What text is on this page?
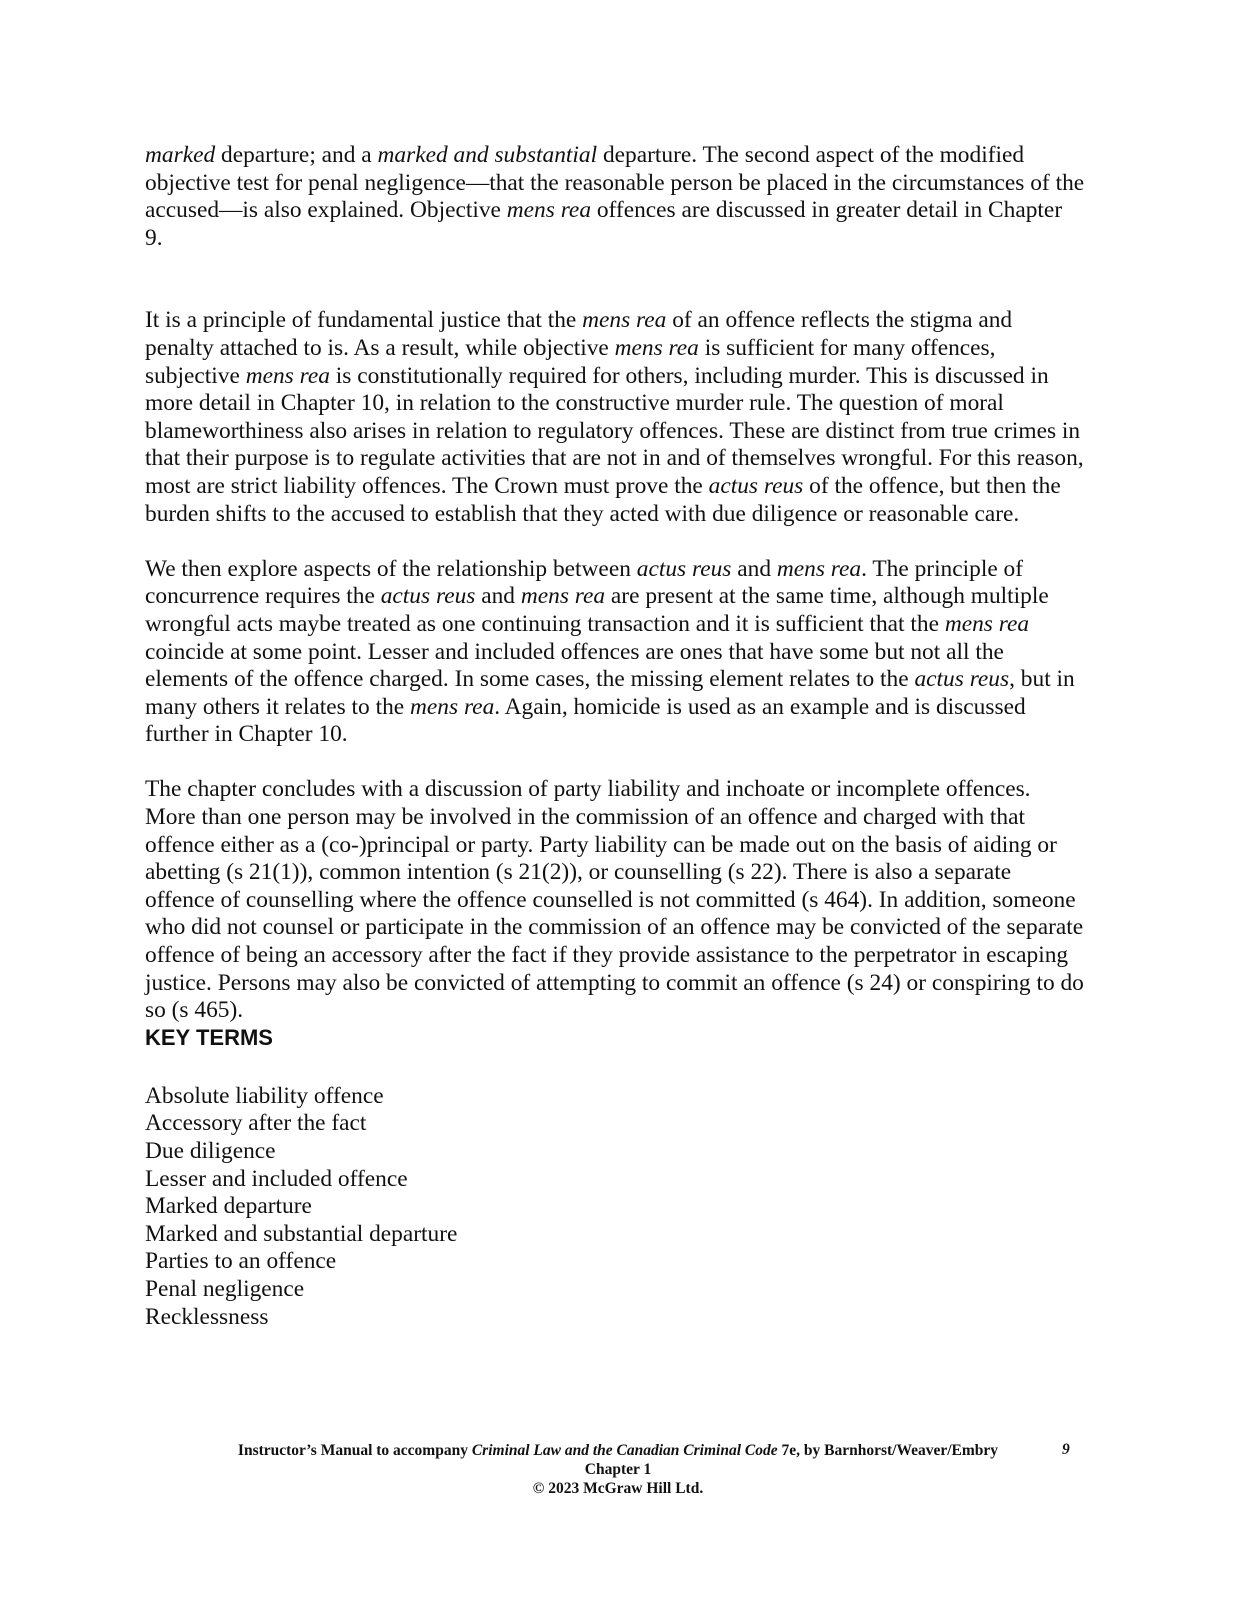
marked departure; and a marked and substantial departure. The second aspect of the modified objective test for penal negligence—that the reasonable person be placed in the circumstances of the accused—is also explained. Objective mens rea offences are discussed in greater detail in Chapter 9.

It is a principle of fundamental justice that the mens rea of an offence reflects the stigma and penalty attached to is. As a result, while objective mens rea is sufficient for many offences, subjective mens rea is constitutionally required for others, including murder. This is discussed in more detail in Chapter 10, in relation to the constructive murder rule. The question of moral blameworthiness also arises in relation to regulatory offences. These are distinct from true crimes in that their purpose is to regulate activities that are not in and of themselves wrongful. For this reason, most are strict liability offences. The Crown must prove the actus reus of the offence, but then the burden shifts to the accused to establish that they acted with due diligence or reasonable care.

We then explore aspects of the relationship between actus reus and mens rea. The principle of concurrence requires the actus reus and mens rea are present at the same time, although multiple wrongful acts maybe treated as one continuing transaction and it is sufficient that the mens rea coincide at some point. Lesser and included offences are ones that have some but not all the elements of the offence charged. In some cases, the missing element relates to the actus reus, but in many others it relates to the mens rea. Again, homicide is used as an example and is discussed further in Chapter 10.

The chapter concludes with a discussion of party liability and inchoate or incomplete offences. More than one person may be involved in the commission of an offence and charged with that offence either as a (co-)principal or party. Party liability can be made out on the basis of aiding or abetting (s 21(1)), common intention (s 21(2)), or counselling (s 22). There is also a separate offence of counselling where the offence counselled is not committed (s 464). In addition, someone who did not counsel or participate in the commission of an offence may be convicted of the separate offence of being an accessory after the fact if they provide assistance to the perpetrator in escaping justice. Persons may also be convicted of attempting to commit an offence (s 24) or conspiring to do so (s 465).

KEY TERMS
Absolute liability offence
Accessory after the fact
Due diligence
Lesser and included offence
Marked departure
Marked and substantial departure
Parties to an offence
Penal negligence
Recklessness
Instructor’s Manual to accompany Criminal Law and the Canadian Criminal Code 7e, by Barnhorst/Weaver/Embry
Chapter 1
© 2023 McGraw Hill Ltd.
9
